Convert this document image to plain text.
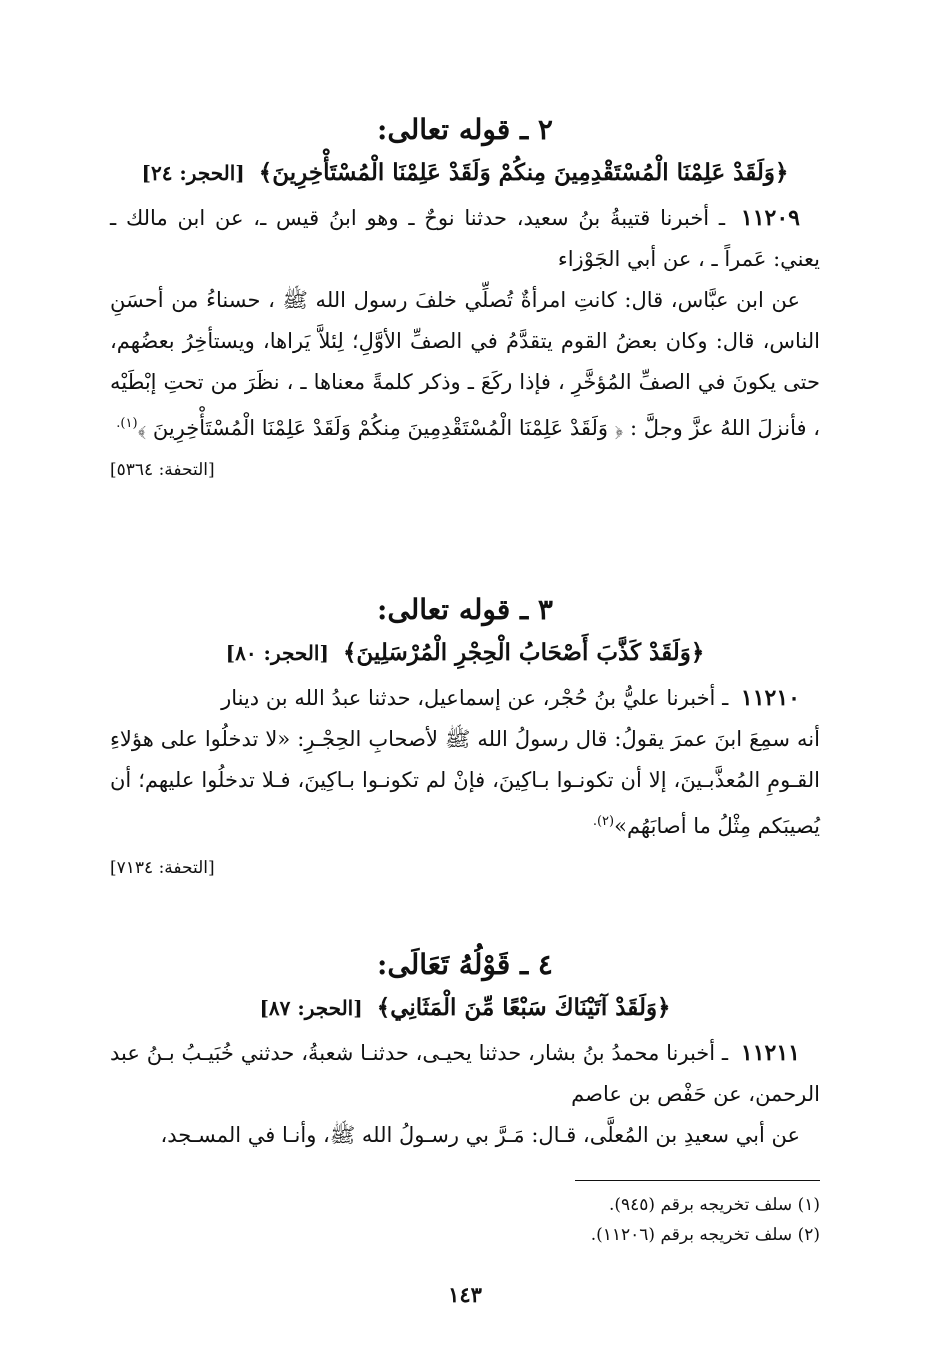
٢ ـ قوله تعالى:
﴿وَلَقَدْ عَلِمْنَا الْمُسْتَقْدِمِينَ مِنكُمْ وَلَقَدْ عَلِمْنَا الْمُسْتَأْخِرِينَ﴾ [الحجر: ٢٤]

١١٢٠٩ ـ أخبرنا قتيبةُ بنُ سعيد، حدثنا نوحٌ ـ وهو ابنُ قيس ـ، عن ابن مالك ـ يعني: عَمراً ـ ، عن أبي الجَوْزاء

عن ابن عبَّاس، قال: كانتِ امرأةٌ تُصلِّي خلفَ رسول الله ﷺ ، حسناءُ من أحسَنِ الناس، قال: وكان بعضُ القوم يتقدَّمُ في الصفِّ الأوَّلِ؛ لِئلاَّ يَراها، ويستأخِرُ بعضُهم، حتى يكونَ في الصفِّ المُؤخَّرِ ، فإذا ركَعَ ـ وذكر كلمةً معناها ـ ، نظَرَ من تحتِ إبْطَيْه ، فأنزلَ اللهُ عزَّ وجلَّ : ﴿ وَلَقَدْ عَلِمْنَا الْمُسْتَقْدِمِينَ مِنكُمْ وَلَقَدْ عَلِمْنَا الْمُسْتَأْخِرِينَ ﴾$^{(١).}$

[التحفة: ٥٣٦٤]
٣ ـ قوله تعالى:
﴿وَلَقَدْ كَذَّبَ أَصْحَابُ الْحِجْرِ الْمُرْسَلِينَ﴾ [الحجر: ٨٠]

١١٢١٠ ـ أخبرنا عليُّ بنُ حُجْر، عن إسماعيل، حدثنا عبدُ الله بن دينار

أنه سمِعَ ابنَ عمرَ يقولُ: قال رسولُ الله ﷺ لأصحابِ الحِجْـرِ: «لا تدخلُوا على هؤلاءِ القـومِ المُعذَّبـينَ، إلا أن تكونـوا بـاكِينَ، فإنْ لم تكونـوا بـاكِينَ، فـلا تدخلُوا عليهم؛ أن يُصيبَكم مِثْلُ ما أصابَهُم»$^{(٢).}$

[التحفة: ٧١٣٤]
٤ ـ قَوْلُهُ تَعَالَى:
﴿وَلَقَدْ آتَيْنَاكَ سَبْعًا مِّنَ الْمَثَانِي﴾ [الحجر: ٨٧]

١١٢١١ ـ أخبرنا محمدُ بنُ بشار، حدثنا يحيـى، حدثنـا شعبةُ، حدثني خُبَيـبُ بـنُ عبد الرحمن، عن حَفْص بن عاصم

عن أبي سعيدِ بن المُعلَّى، قـال: مَـرَّ بي رسـولُ الله ﷺ، وأنـا في المسـجد،

(١) سلف تخريجه برقم (٩٤٥).

(٢) سلف تخريجه برقم (١١٢٠٦).

١٤٣
